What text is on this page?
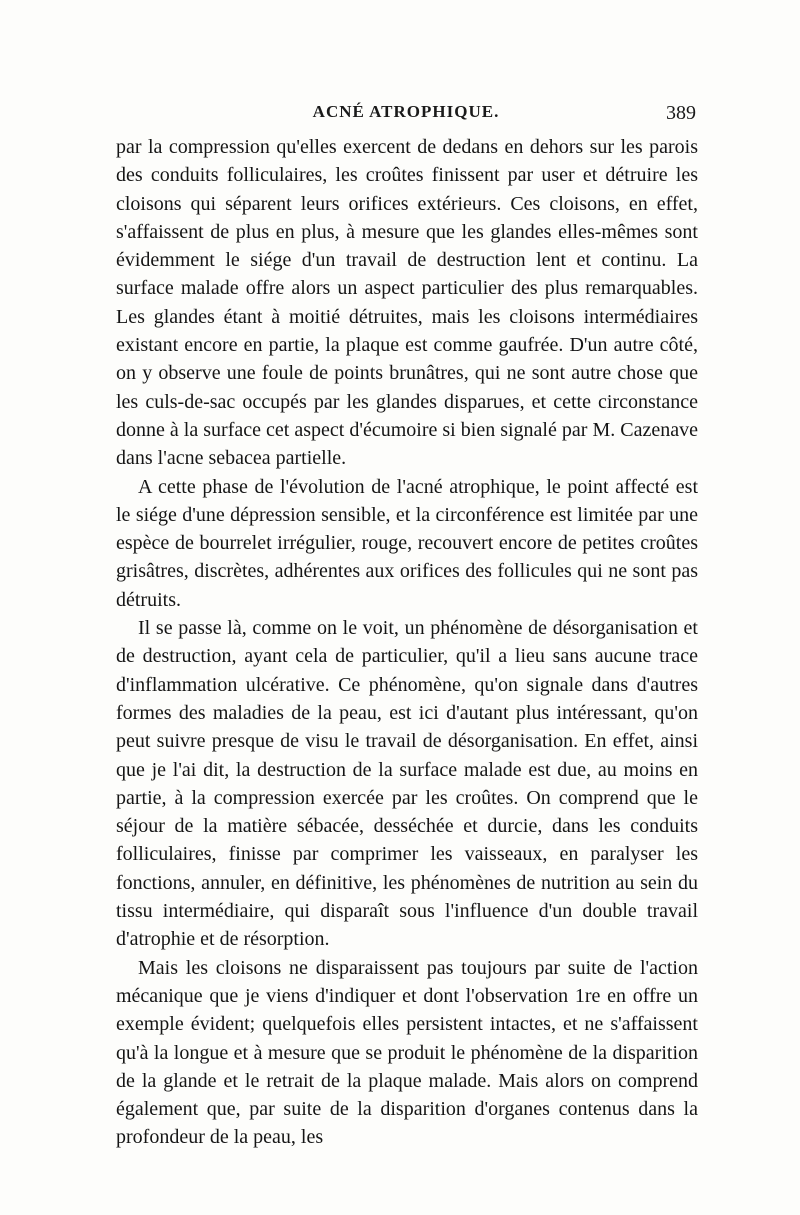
ACNÉ ATROPHIQUE.	389

par la compression qu'elles exercent de dedans en dehors sur les parois des conduits folliculaires, les croûtes finissent par user et détruire les cloisons qui séparent leurs orifices extérieurs. Ces cloisons, en effet, s'affaissent de plus en plus, à mesure que les glandes elles-mêmes sont évidemment le siége d'un travail de destruction lent et continu. La surface malade offre alors un aspect particulier des plus remarquables. Les glandes étant à moitié détruites, mais les cloisons intermédiaires existant encore en partie, la plaque est comme gaufrée. D'un autre côté, on y observe une foule de points brunâtres, qui ne sont autre chose que les culs-de-sac occupés par les glandes disparues, et cette circonstance donne à la surface cet aspect d'écumoire si bien signalé par M. Cazenave dans l'acne sebacea partielle.

A cette phase de l'évolution de l'acné atrophique, le point affecté est le siége d'une dépression sensible, et la circonférence est limitée par une espèce de bourrelet irrégulier, rouge, recouvert encore de petites croûtes grisâtres, discrètes, adhérentes aux orifices des follicules qui ne sont pas détruits.

Il se passe là, comme on le voit, un phénomène de désorganisation et de destruction, ayant cela de particulier, qu'il a lieu sans aucune trace d'inflammation ulcérative. Ce phénomène, qu'on signale dans d'autres formes des maladies de la peau, est ici d'autant plus intéressant, qu'on peut suivre presque de visu le travail de désorganisation. En effet, ainsi que je l'ai dit, la destruction de la surface malade est due, au moins en partie, à la compression exercée par les croûtes. On comprend que le séjour de la matière sébacée, desséchée et durcie, dans les conduits folliculaires, finisse par comprimer les vaisseaux, en paralyser les fonctions, annuler, en définitive, les phénomènes de nutrition au sein du tissu intermédiaire, qui disparaît sous l'influence d'un double travail d'atrophie et de résorption.

Mais les cloisons ne disparaissent pas toujours par suite de l'action mécanique que je viens d'indiquer et dont l'observation 1re en offre un exemple évident; quelquefois elles persistent intactes, et ne s'affaissent qu'à la longue et à mesure que se produit le phénomène de la disparition de la glande et le retrait de la plaque malade. Mais alors on comprend également que, par suite de la disparition d'organes contenus dans la profondeur de la peau, les
